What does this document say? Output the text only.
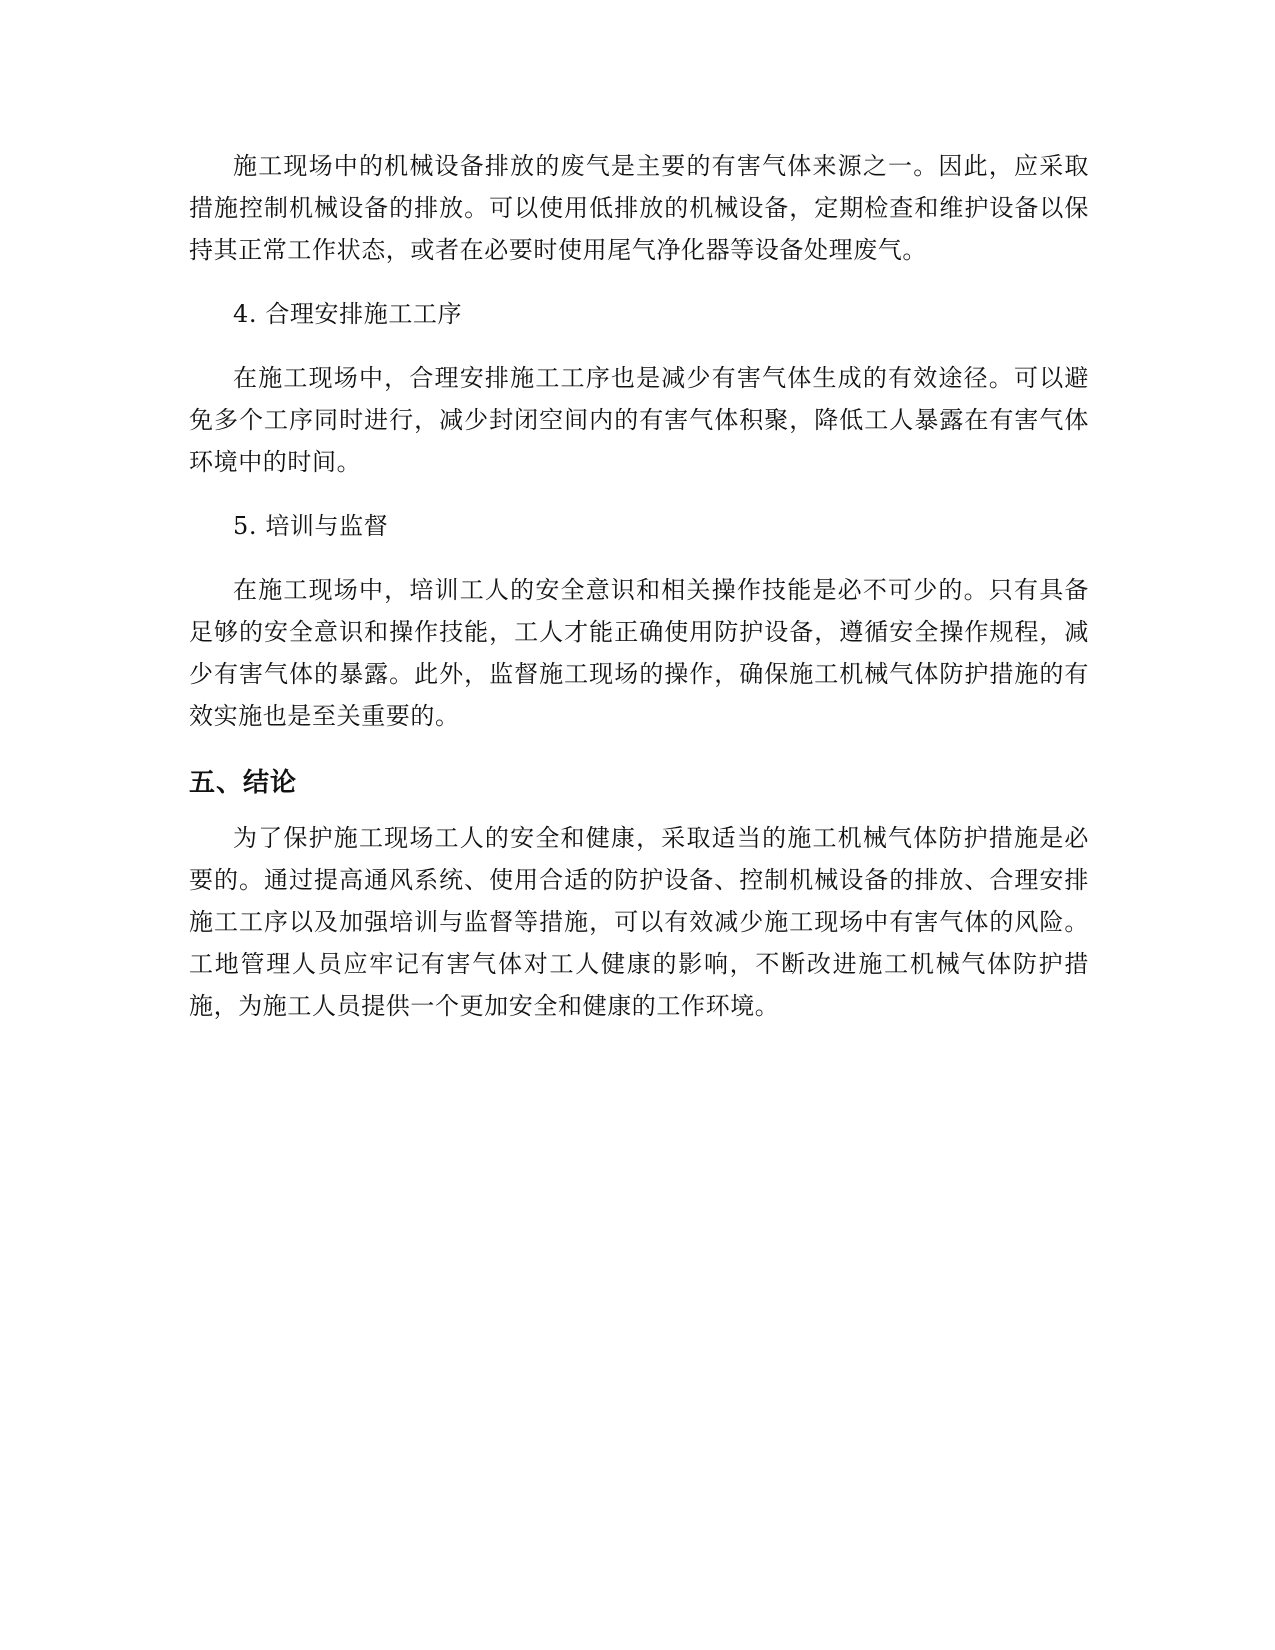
施工现场中的机械设备排放的废气是主要的有害气体来源之一。因此，应采取措施控制机械设备的排放。可以使用低排放的机械设备，定期检查和维护设备以保持其正常工作状态，或者在必要时使用尾气净化器等设备处理废气。

4. 合理安排施工工序

在施工现场中，合理安排施工工序也是减少有害气体生成的有效途径。可以避免多个工序同时进行，减少封闭空间内的有害气体积聚，降低工人暴露在有害气体环境中的时间。

5. 培训与监督

在施工现场中，培训工人的安全意识和相关操作技能是必不可少的。只有具备足够的安全意识和操作技能，工人才能正确使用防护设备，遵循安全操作规程，减少有害气体的暴露。此外，监督施工现场的操作，确保施工机械气体防护措施的有效实施也是至关重要的。

五、结论

为了保护施工现场工人的安全和健康，采取适当的施工机械气体防护措施是必要的。通过提高通风系统、使用合适的防护设备、控制机械设备的排放、合理安排施工工序以及加强培训与监督等措施，可以有效减少施工现场中有害气体的风险。工地管理人员应牢记有害气体对工人健康的影响，不断改进施工机械气体防护措施，为施工人员提供一个更加安全和健康的工作环境。
